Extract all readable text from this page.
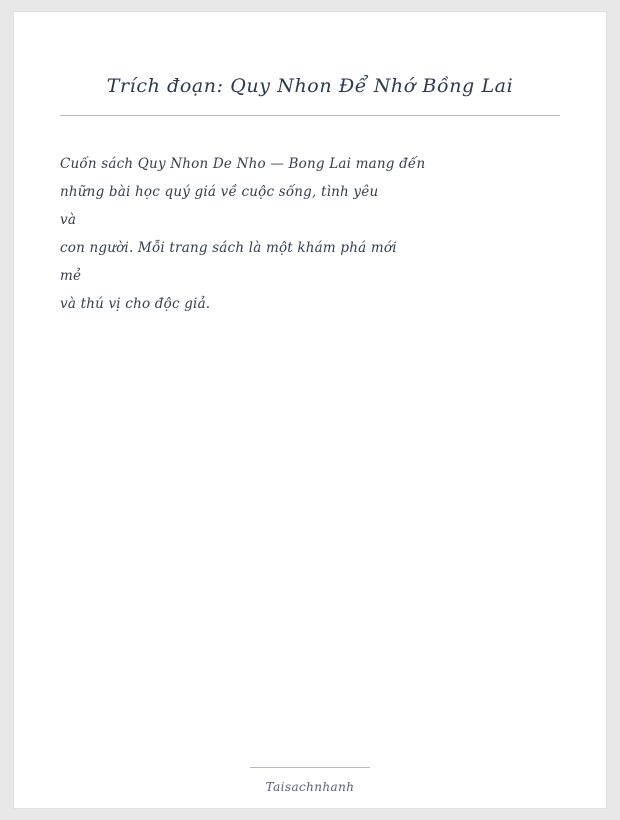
Trích đoạn: Quy Nhon Để Nhớ Bồng Lai
Cuốn sách Quy Nhon De Nho — Bong Lai mang đến
những bài học quý giá về cuộc sống, tình yêu
và
con người. Mỗi trang sách là một khám phá mới
mẻ
và thú vị cho độc giả.
Taisachnhanh
